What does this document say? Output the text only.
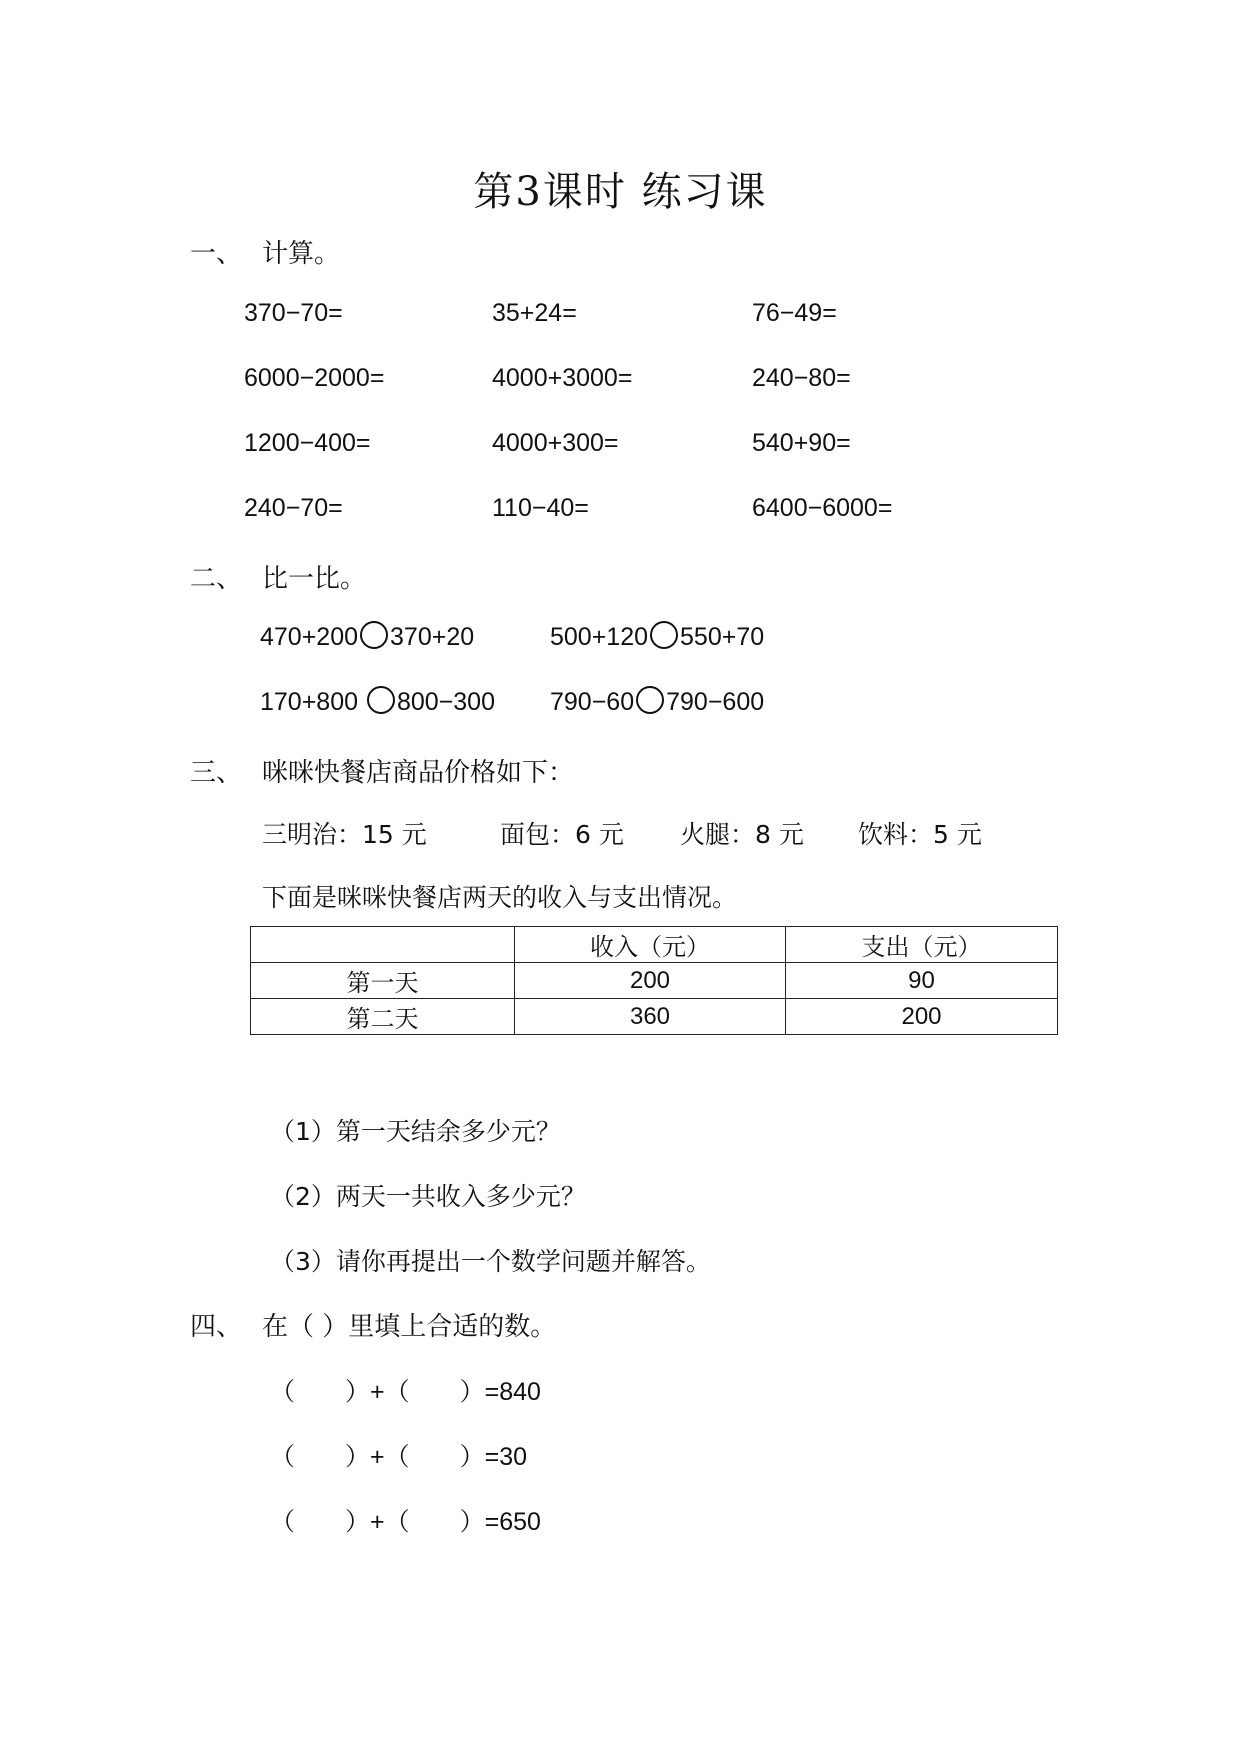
第3课时 练习课
一、 计算。
370−70=	35+24=	76−49=
6000−2000=	4000+3000=	240−80=
1200−400=	4000+300=	540+90=
240−70=	110−40=	6400−6000=
二、 比一比。
470+200 370+20	500+120 550+70
170+800 800−300 790−60 790−600
三、 咪咪快餐店商品价格如下：
三明治：15 元	面包：6 元 火腿：8 元 饮料：5 元
下面是咪咪快餐店两天的收入与支出情况。
	收入（元）	支出（元）
第一天	200	90
第二天	360	200
（1）第一天结余多少元？
（2）两天一共收入多少元？
（3）请你再提出一个数学问题并解答。
四、 在（ ）里填上合适的数。
（ ）+（ ）=840
（ ）+（ ）=30
（ ）+（ ）=650
